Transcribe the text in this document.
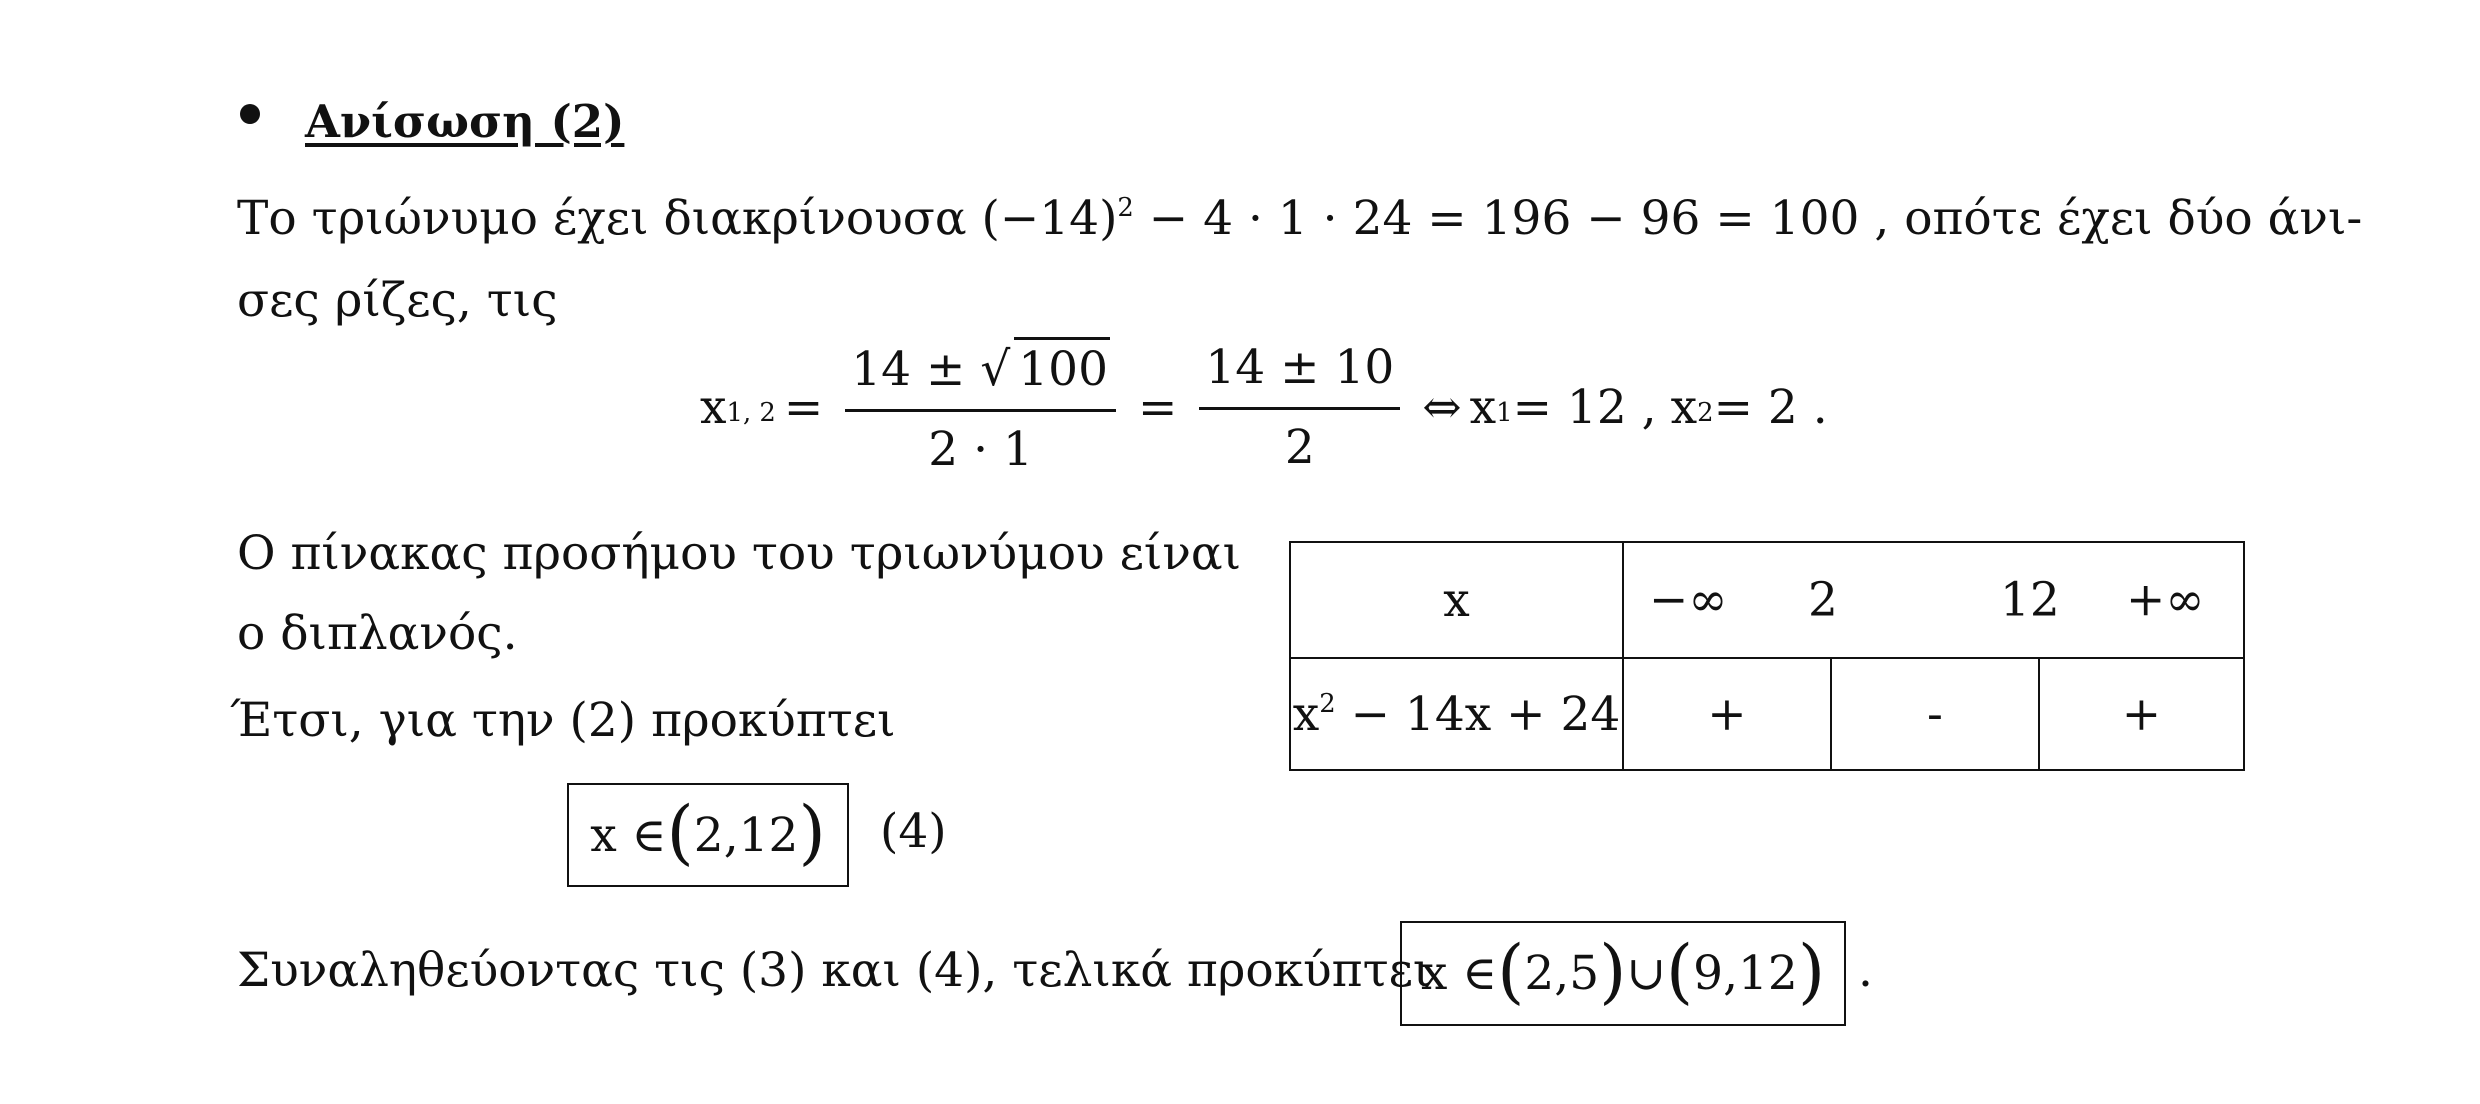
Ανίσωση (2)
Το τριώνυμο έχει διακρίνουσα $(-14)^2 - 4 \cdot 1 \cdot 24 = 196 - 96 = 100$ , οπότε έχει δύο άνι-
σες ρίζες, τις
$x_{1, 2} = \frac{14 \pm √ 100}{2 \cdot 1} = \frac{14 \pm 10}{2}$ ⇔ $x_1 = 12$ , $x_2 = 2$ .
Ο πίνακας προσήμου του τριωνύμου είναι
ο διπλανός.
Έτσι, για την (2) προκύπτει
x ∈ ( 2,12 ) (4)
Συναληθεύοντας τις (3) και (4), τελικά προκύπτει
x ∈ ( 2,5 ) ∪ ( 9,12 ) .
x	−∞ 2 12 +∞		

$x^2 - 14x + 24$	+	-	+
